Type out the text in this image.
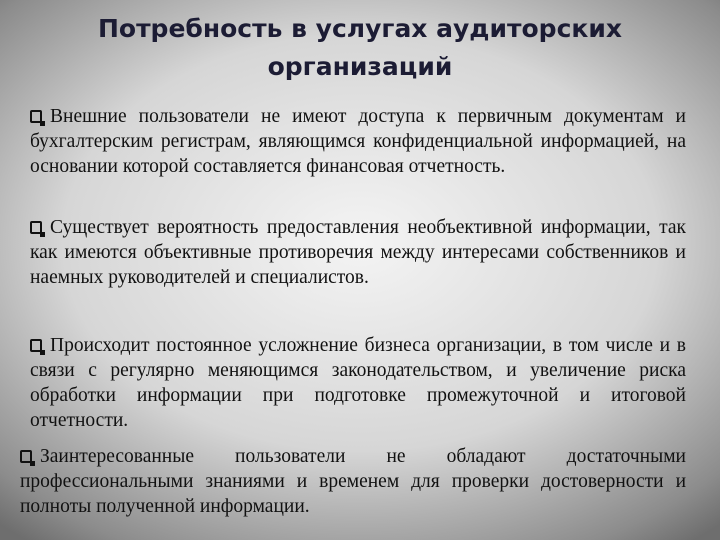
Потребность в услугах аудиторских организаций

Внешние пользователи не имеют доступа к первичным документам и бухгалтерским регистрам, являющимся конфиденциальной информацией, на основании которой составляется финансовая отчетность.

Существует вероятность предоставления необъективной информации, так как имеются объективные противоречия между интересами собственников и наемных руководителей и специалистов.

Происходит постоянное усложнение бизнеса организации, в том числе и в связи с регулярно меняющимся законодательством, и увеличение риска обработки информации при подготовке промежуточной и итоговой отчетности.

Заинтересованные пользователи не обладают достаточными профессиональными знаниями и временем для проверки достоверности и полноты полученной информации.
